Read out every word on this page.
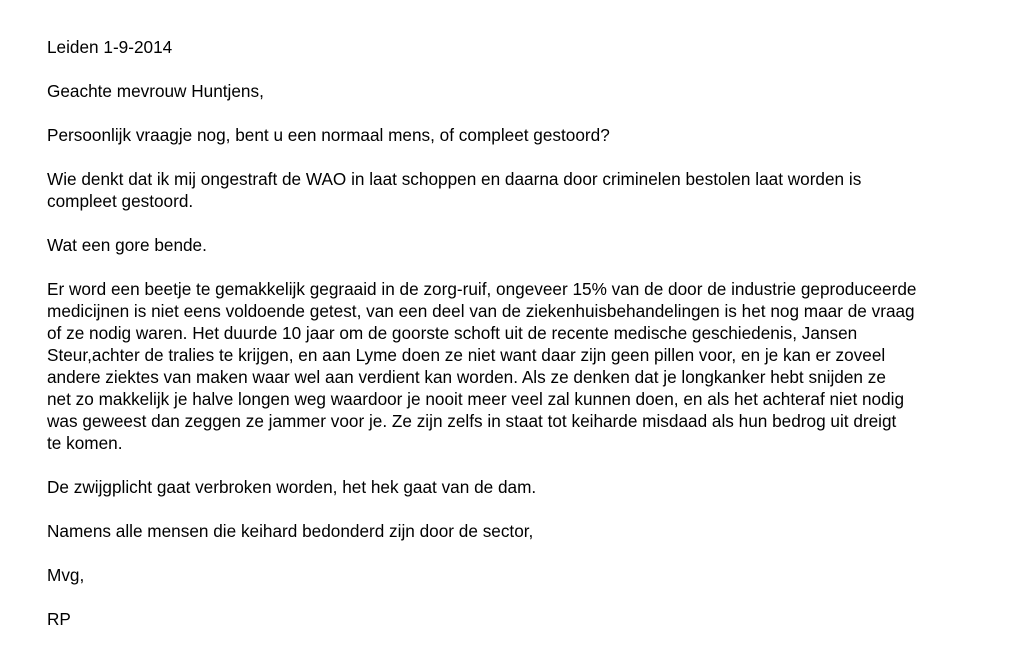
Leiden 1-9-2014

Geachte mevrouw Huntjens,

Persoonlijk vraagje nog, bent u een normaal mens, of compleet gestoord?

Wie denkt dat ik mij ongestraft de WAO in laat schoppen en daarna door criminelen bestolen laat worden is
compleet gestoord.

Wat een gore bende.

Er word een beetje te gemakkelijk gegraaid in de zorg-ruif, ongeveer 15% van de door de industrie geproduceerde
medicijnen is niet eens voldoende getest, van een deel van de ziekenhuisbehandelingen is het nog maar de vraag
of ze nodig waren. Het duurde 10 jaar om de goorste schoft uit de recente medische geschiedenis, Jansen
Steur,achter de tralies te krijgen, en aan Lyme doen ze niet want daar zijn geen pillen voor, en je kan er zoveel
andere ziektes van maken waar wel aan verdient kan worden. Als ze denken dat je longkanker hebt snijden ze
net zo makkelijk je halve longen weg waardoor je nooit meer veel zal kunnen doen, en als het achteraf niet nodig
was geweest dan zeggen ze jammer voor je. Ze zijn zelfs in staat tot keiharde misdaad als hun bedrog uit dreigt
te komen.

De zwijgplicht gaat verbroken worden, het hek gaat van de dam.

Namens alle mensen die keihard bedonderd zijn door de sector,

Mvg,

RP
